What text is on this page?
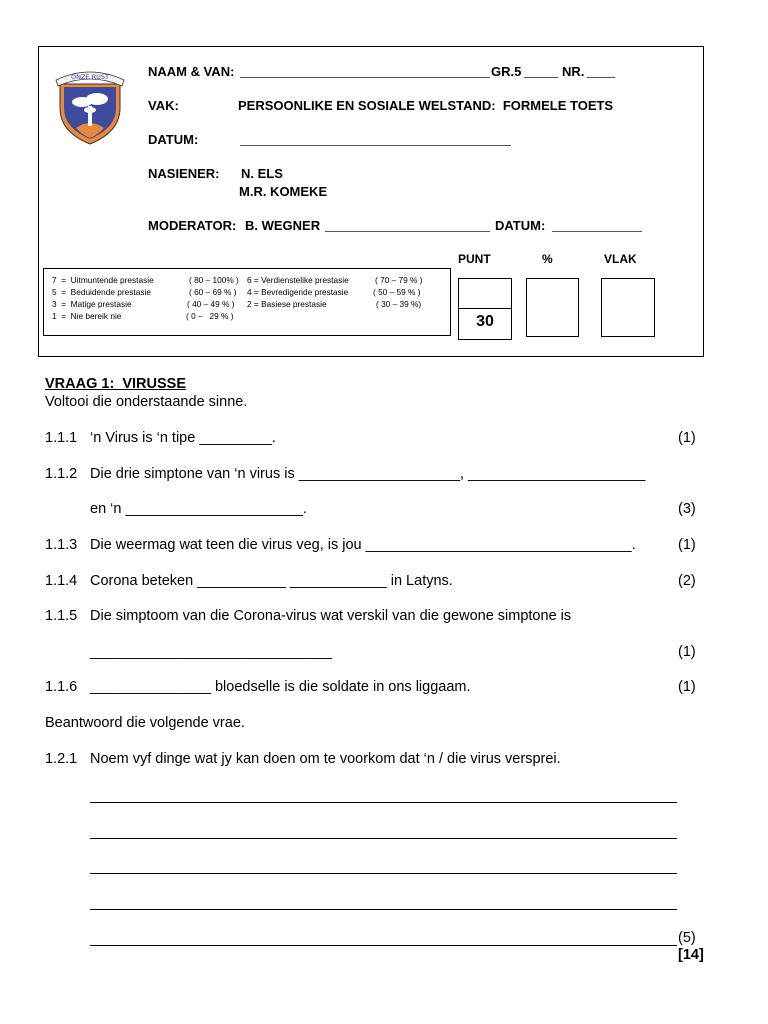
ONZE RUST	NAAM & VAN:	GR.5	NR.
VAK:	PERSOONLIKE EN SOSIALE WELSTAND:  FORMELE TOETS
DATUM:
NASIENER: N. ELS
M.R. KOMEKE
MODERATOR: B. WEGNER	DATUM:
PUNT	%	VLAK
30
7  =  Uitmuntende prestasie	( 80 – 100% ) 6 = Verdienstelike prestasie	( 70 – 79 % )
5  =  Beduidende prestasie	( 60 – 69 % ) 4 = Bevredigende prestasie	( 50 – 59 % )
3  =  Matige prestasie	( 40 – 49 % ) 2 = Basiese prestasie	( 30 – 39 %)
1  =  Nie bereik nie	( 0 –   29 % )
VRAAG 1:  VIRUSSE
Voltooi die onderstaande sinne.
1.1.1 ‘n Virus is ‘n tipe _________.	(1)
1.1.2 Die drie simptone van ‘n virus is ____________________, ______________________
en ‘n ______________________.	(3)
1.1.3 Die weermag wat teen die virus veg, is jou _________________________________.	(1)
1.1.4 Corona beteken ___________ ____________ in Latyns.	(2)
1.1.5 Die simptoom van die Corona-virus wat verskil van die gewone simptone is
______________________________	(1)
1.1.6 _______________ bloedselle is die soldate in ons liggaam.	(1)
Beantwoord die volgende vrae.
1.2.1 Noem vyf dinge wat jy kan doen om te voorkom dat ‘n / die virus versprei.
(5)
[14]
